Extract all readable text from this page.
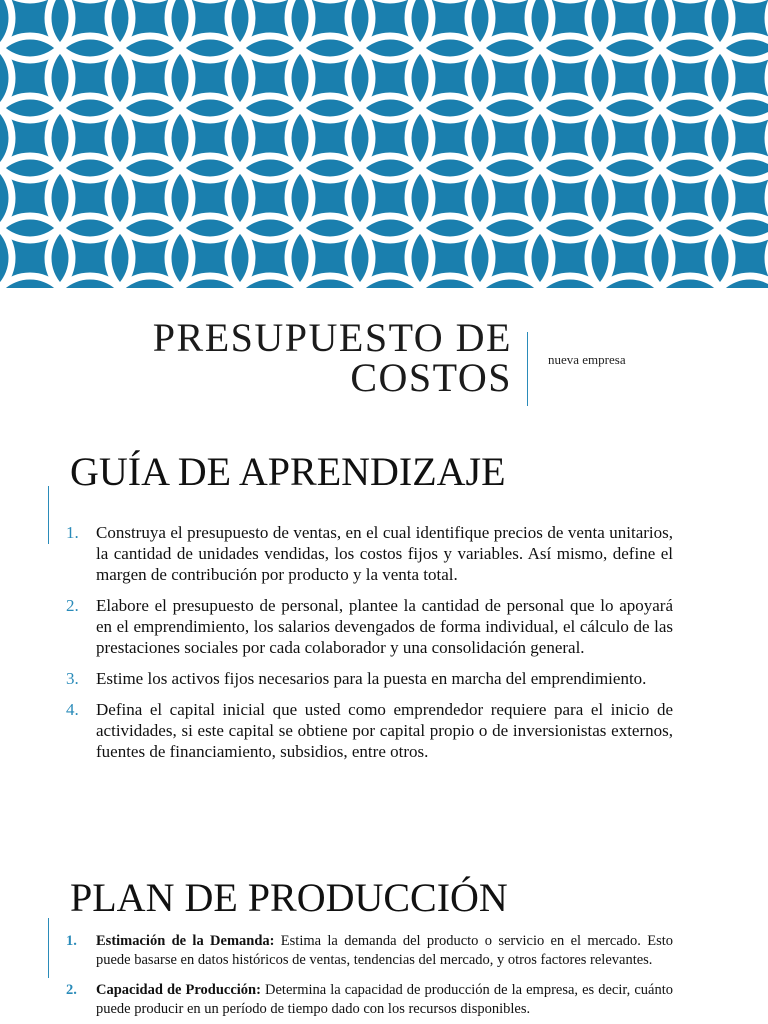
PRESUPUESTO DE
COSTOS	nueva empresa
GUÍA DE APRENDIZAJE
1. Construya el presupuesto de ventas, en el cual identifique precios de venta unitarios, la cantidad de unidades vendidas, los costos fijos y variables. Así mismo, define el margen de contribución por producto y la venta total.
2. Elabore el presupuesto de personal, plantee la cantidad de personal que lo apoyará en el emprendimiento, los salarios devengados de forma individual, el cálculo de las prestaciones sociales por cada colaborador y una consolidación general.
3. Estime los activos fijos necesarios para la puesta en marcha del emprendimiento.
4. Defina el capital inicial que usted como emprendedor requiere para el inicio de actividades, si este capital se obtiene por capital propio o de inversionistas externos, fuentes de financiamiento, subsidios, entre otros.
PLAN DE PRODUCCIÓN
1. Estimación de la Demanda: Estima la demanda del producto o servicio en el mercado. Esto puede basarse en datos históricos de ventas, tendencias del mercado, y otros factores relevantes.
2. Capacidad de Producción: Determina la capacidad de producción de la empresa, es decir, cuánto puede producir en un período de tiempo dado con los recursos disponibles.
